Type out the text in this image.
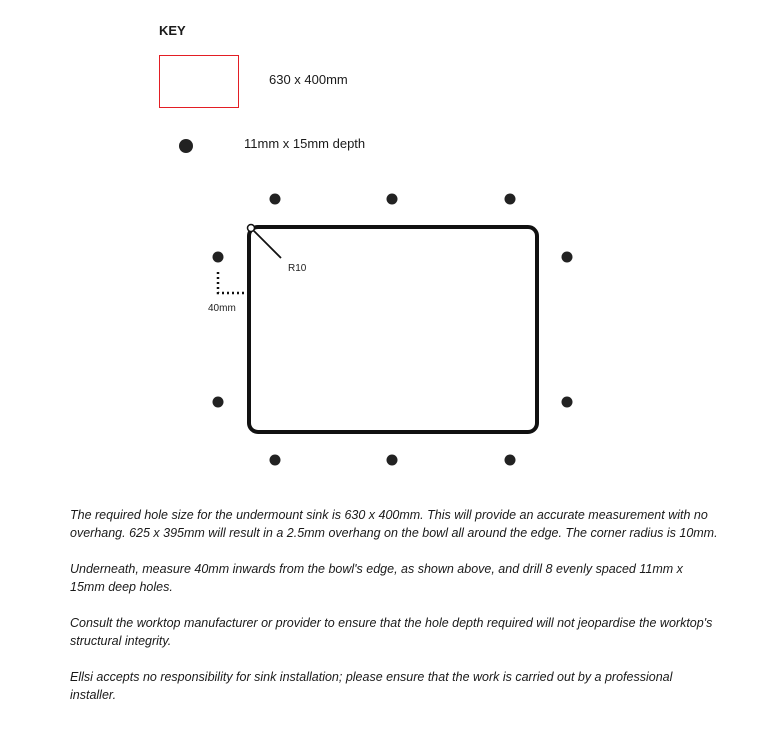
KEY
630 x 400mm
11mm x 15mm depth
R10
40mm

The required hole size for the undermount sink is 630 x 400mm. This will provide an accurate measurement with no overhang. 625 x 395mm will result in a 2.5mm overhang on the bowl all around the edge. The corner radius is 10mm.

Underneath, measure 40mm inwards from the bowl's edge, as shown above, and drill 8 evenly spaced 11mm x 15mm deep holes.

Consult the worktop manufacturer or provider to ensure that the hole depth required will not jeopardise the worktop's structural integrity.

Ellsi accepts no responsibility for sink installation; please ensure that the work is carried out by a professional installer.
